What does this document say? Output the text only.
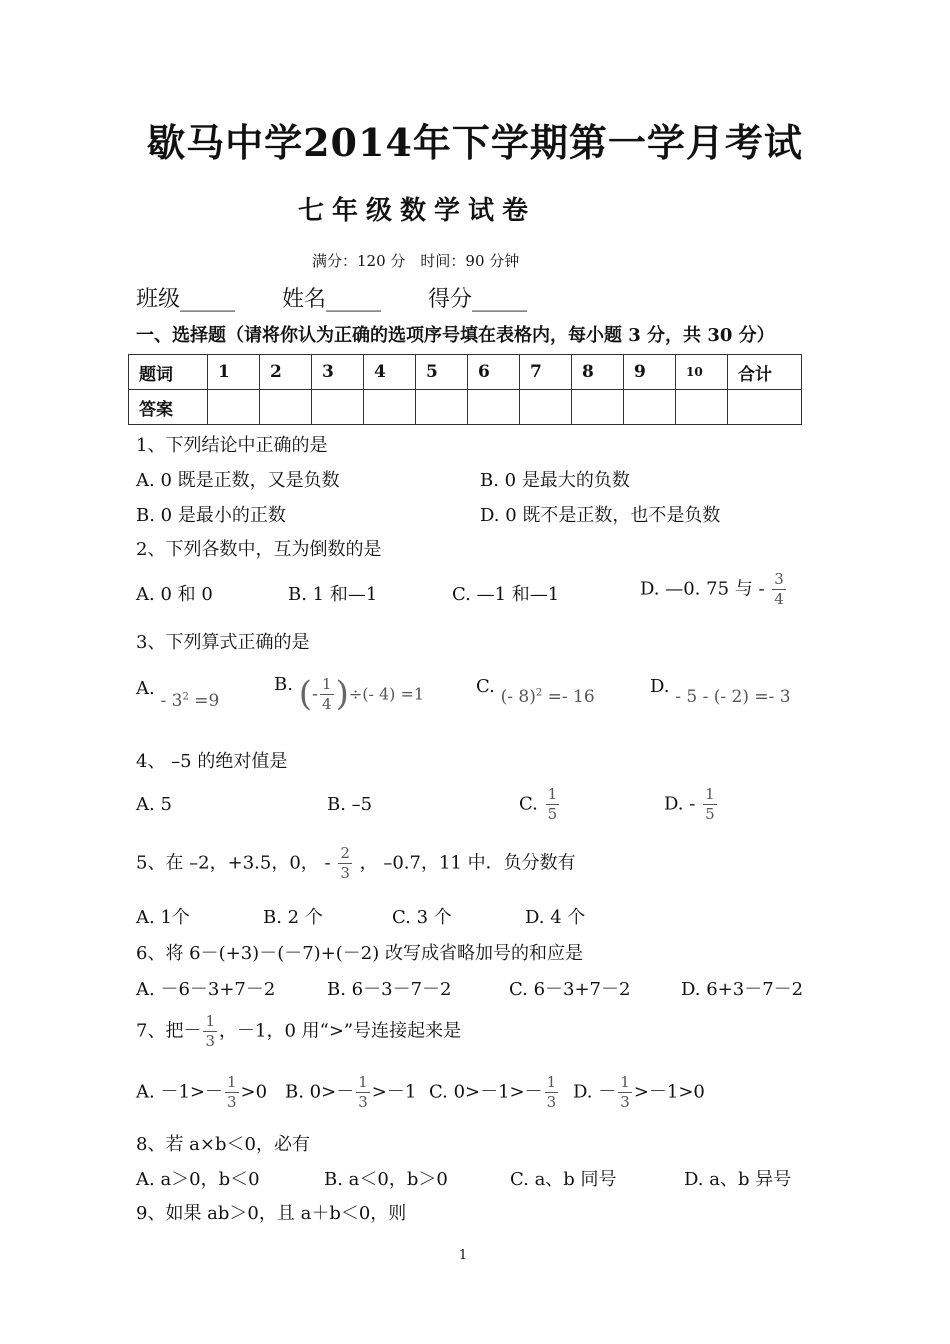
歇马中学2014年下学期第一学月考试
七年级数学试卷
满分：120 分　时间：90 分钟
班级_____ 姓名_____ 得分_____
一、选择题（请将你认为正确的选项序号填在表格内，每小题 3 分，共 30 分）
题词	1	2	3	4	5	6	7	8	9	10	合计
答案											
1、下列结论中正确的是
A. 0 既是正数，又是负数	B. 0 是最大的负数
B. 0 是最小的正数	D. 0 既不是正数，也不是负数
2、下列各数中，互为倒数的是
A. 0 和 0	B. 1 和—1	C. —1 和—1	D. —0. 75 与 - $\frac{3}{4}$
3、下列算式正确的是
A. - $3^2 =9$
B. (- $\frac{1}{4}$ )÷(- 4) =1	C. (- 8)$^2$ =- 16	D. - 5 - (- 2) =- 3
4、 –5 的绝对值是
A. 5	B. –5	C. $\frac{1}{5}$	D. - $\frac{1}{5}$
5、在 –2，+3.5，0， - $\frac{2}{3}$ ， –0.7，11 中．负分数有
A. 1个	B. 2 个	C. 3 个	D. 4 个
6、将 6－(+3)－(－7)+(－2) 改写成省略加号的和应是
A. －6－3+7－2	B. 6－3－7－2	C. 6－3+7－2	D. 6+3－7－2
7、把－ $\frac{1}{3}$ ，－1，0 用“>”号连接起来是
A. $-1>- \frac{1}{3} >0$ B. $0>- \frac{1}{3} >-1$ C. $0>-1>- \frac{1}{3} D$. － $\frac{1}{3} >-1>0$
8、若 a×b＜0，必有
A. a＞0，b＜0	B. a＜0，b＞0	C. a、b 同号	D. a、b 异号
9、如果 ab＞0，且 a＋b＜0，则
1
